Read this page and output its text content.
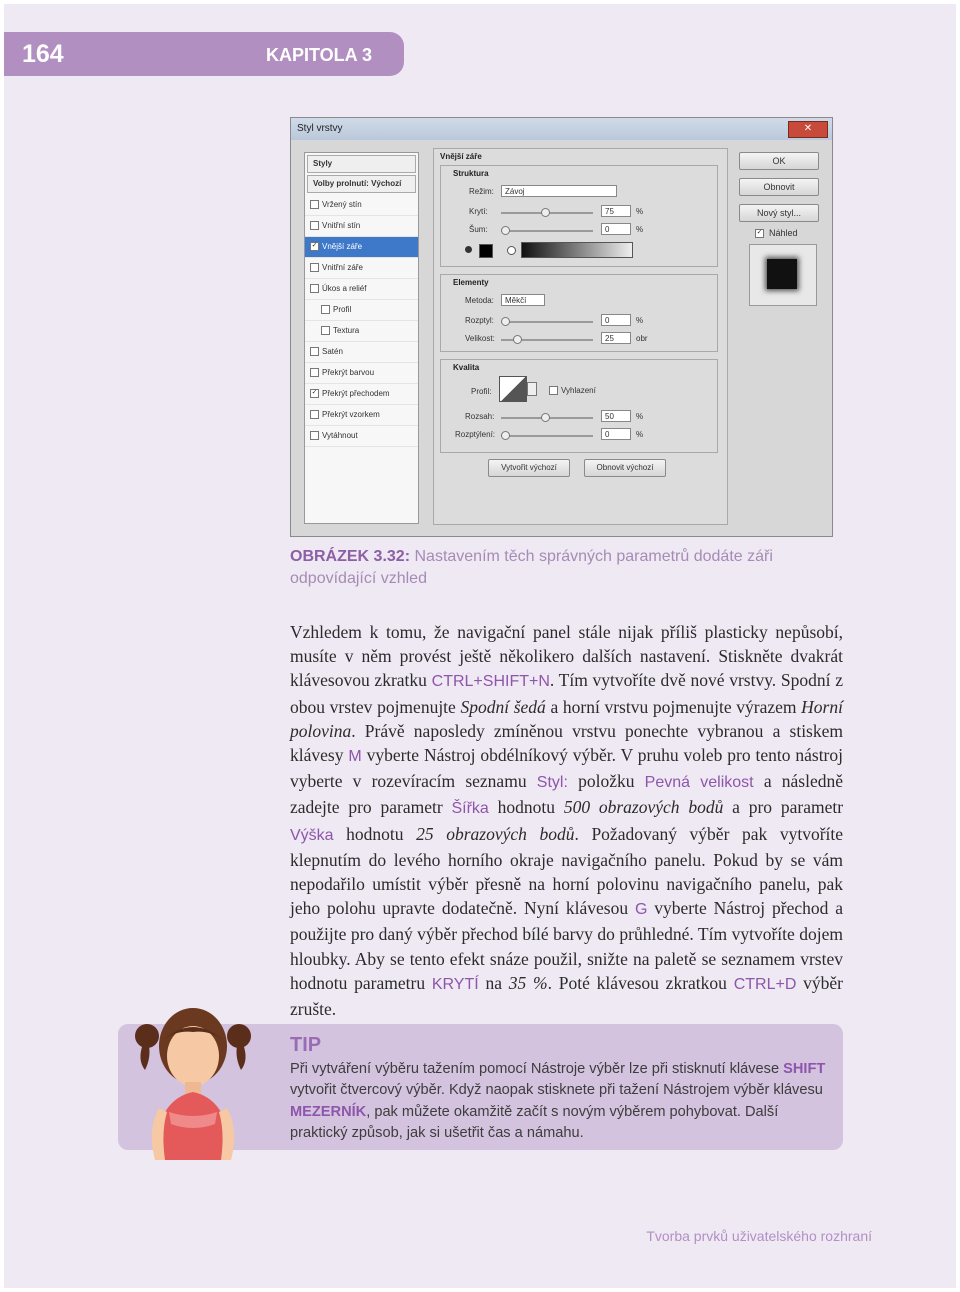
164	KAPITOLA 3
Styl vrstvy	✕
Styly
Volby prolnutí: Výchozí
Vržený stín
Vnitřní stín
✓ Vnější záře
Vnitřní záře
Úkos a reliéf
Profil
Textura
Satén
Překrýt barvou
✓ Překrýt přechodem
Překrýt vzorkem
Vytáhnout
Vnější záře
Struktura
Režim:	Závoj
Krytí:	75	%
Šum:	0	%
Elementy
Metoda:	Měkčí
Rozptyl:	0	%
Velikost:	25	obr
Kvalita
Profil:	Vyhlazení
Rozsah:	50	%
Rozptýlení:	0	%
Vytvořit výchozí	Obnovit výchozí
OK
Obnovit
Nový styl...
✓ Náhled
OBRÁZEK 3.32: Nastavením těch správných parametrů dodáte záři odpovídající vzhled
Vzhledem k tomu, že navigační panel stále nijak příliš plasticky nepůsobí, musíte v něm provést ještě několikero dalších nastavení. Stiskněte dvakrát klávesovou zkratku CTRL+SHIFT+N. Tím vytvoříte dvě nové vrstvy. Spodní z obou vrstev pojmenujte Spodní šedá a horní vrstvu pojmenujte výrazem Horní polovina. Právě naposledy zmíněnou vrstvu ponechte vybranou a stiskem klávesy M vyberte Nástroj obdélníkový výběr. V pruhu voleb pro tento nástroj vyberte v rozevíracím seznamu Styl: položku Pevná velikost a následně zadejte pro parametr Šířka hodnotu 500 obrazových bodů a pro parametr Výška hodnotu 25 obrazových bodů. Požadovaný výběr pak vytvoříte klepnutím do levého horního okraje navigačního panelu. Pokud by se vám nepodařilo umístit výběr přesně na horní polovinu navigačního panelu, pak jeho polohu upravte dodatečně. Nyní klávesou G vyberte Nástroj přechod a použijte pro daný výběr přechod bílé barvy do průhledné. Tím vytvoříte dojem hloubky. Aby se tento efekt snáze použil, snižte na paletě se seznamem vrstev hodnotu parametru KRYTÍ na 35 %. Poté klávesou zkratkou CTRL+D výběr zrušte.
TIP
Při vytváření výběru tažením pomocí Nástroje výběr lze při stisknutí klávese SHIFT vytvořit čtvercový výběr. Když naopak stisknete při tažení Nástrojem výběr klávesu MEZERNÍK, pak můžete okamžitě začít s novým výběrem pohybovat. Další praktický způsob, jak si ušetřit čas a námahu.
Tvorba prvků uživatelského rozhraní
